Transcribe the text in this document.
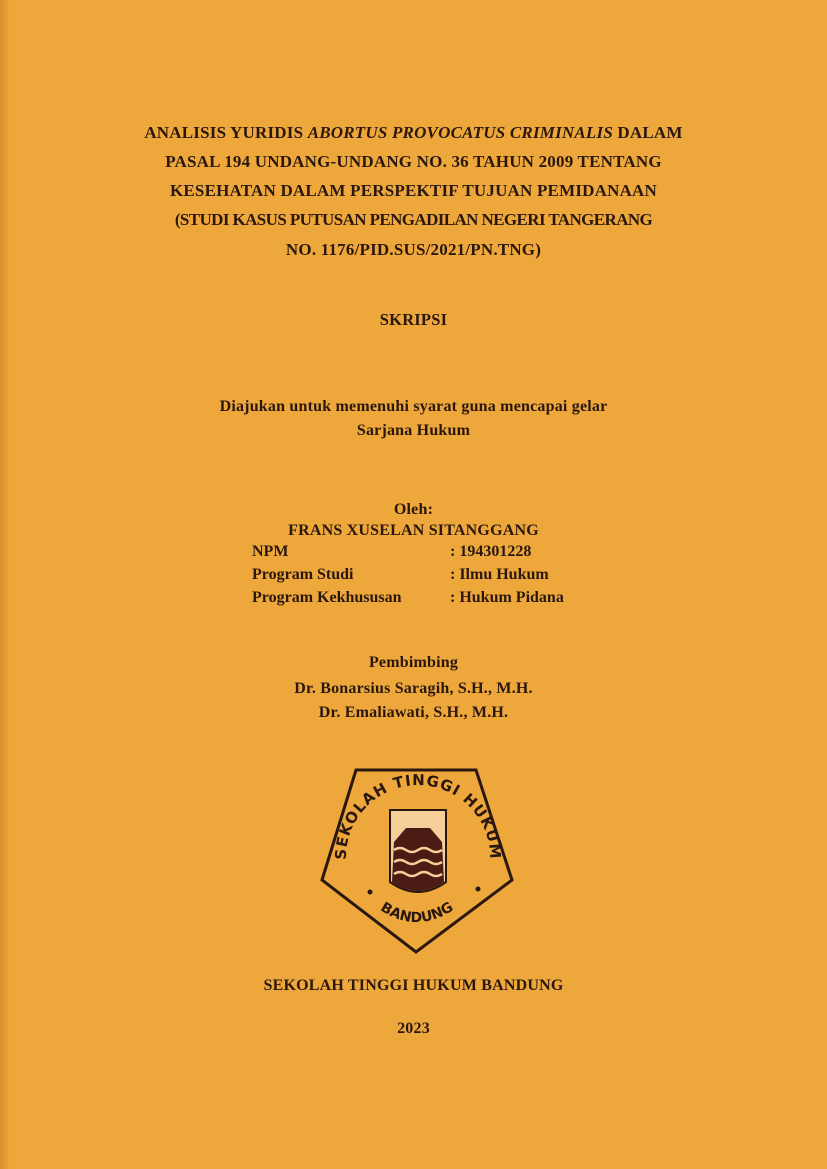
ANALISIS YURIDIS ABORTUS PROVOCATUS CRIMINALIS DALAM
PASAL 194 UNDANG-UNDANG NO. 36 TAHUN 2009 TENTANG
KESEHATAN DALAM PERSPEKTIF TUJUAN PEMIDANAAN
(STUDI KASUS PUTUSAN PENGADILAN NEGERI TANGERANG
NO. 1176/PID.SUS/2021/PN.TNG)
SKRIPSI
Diajukan untuk memenuhi syarat guna mencapai gelar
Sarjana Hukum
Oleh:
FRANS XUSELAN SITANGGANG
NPM	: 194301228
Program Studi	: Ilmu Hukum
Program Kekhususan	: Hukum Pidana
Pembimbing
Dr. Bonarsius Saragih, S.H., M.H.
Dr. Emaliawati, S.H., M.H.
SEKOLAH TINGGI HUKUM
BANDUNG
SEKOLAH TINGGI HUKUM BANDUNG
2023
